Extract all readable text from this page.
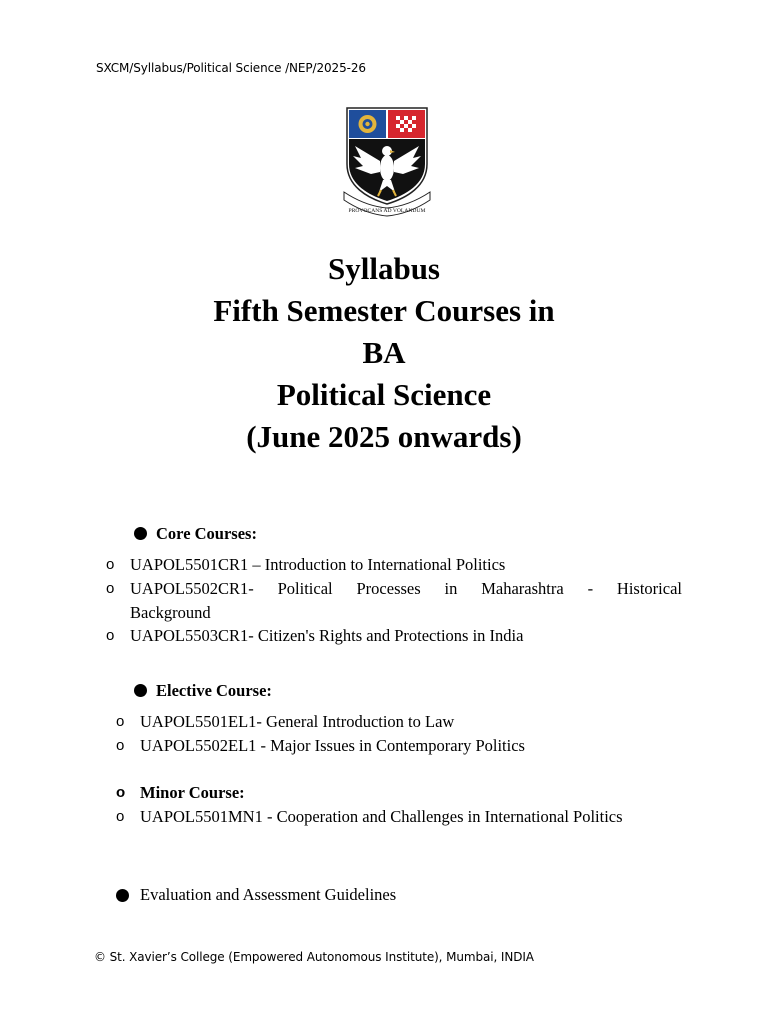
SXCM/Syllabus/Political Science /NEP/2025-26
PROVOCANS AD VOLANDUM
Syllabus
Fifth Semester Courses in
BA
Political Science
(June 2025 onwards)
Core Courses:
o UAPOL5501CR1 – Introduction to International Politics
o UAPOL5502CR1- Political Processes in Maharashtra - Historical
Background
o UAPOL5503CR1- Citizen's Rights and Protections in India
Elective Course:
o UAPOL5501EL1- General Introduction to Law
o UAPOL5502EL1 - Major Issues in Contemporary Politics
o Minor Course:
o UAPOL5501MN1 - Cooperation and Challenges in International Politics
Evaluation and Assessment Guidelines
© St. Xavier’s College (Empowered Autonomous Institute), Mumbai, INDIA
